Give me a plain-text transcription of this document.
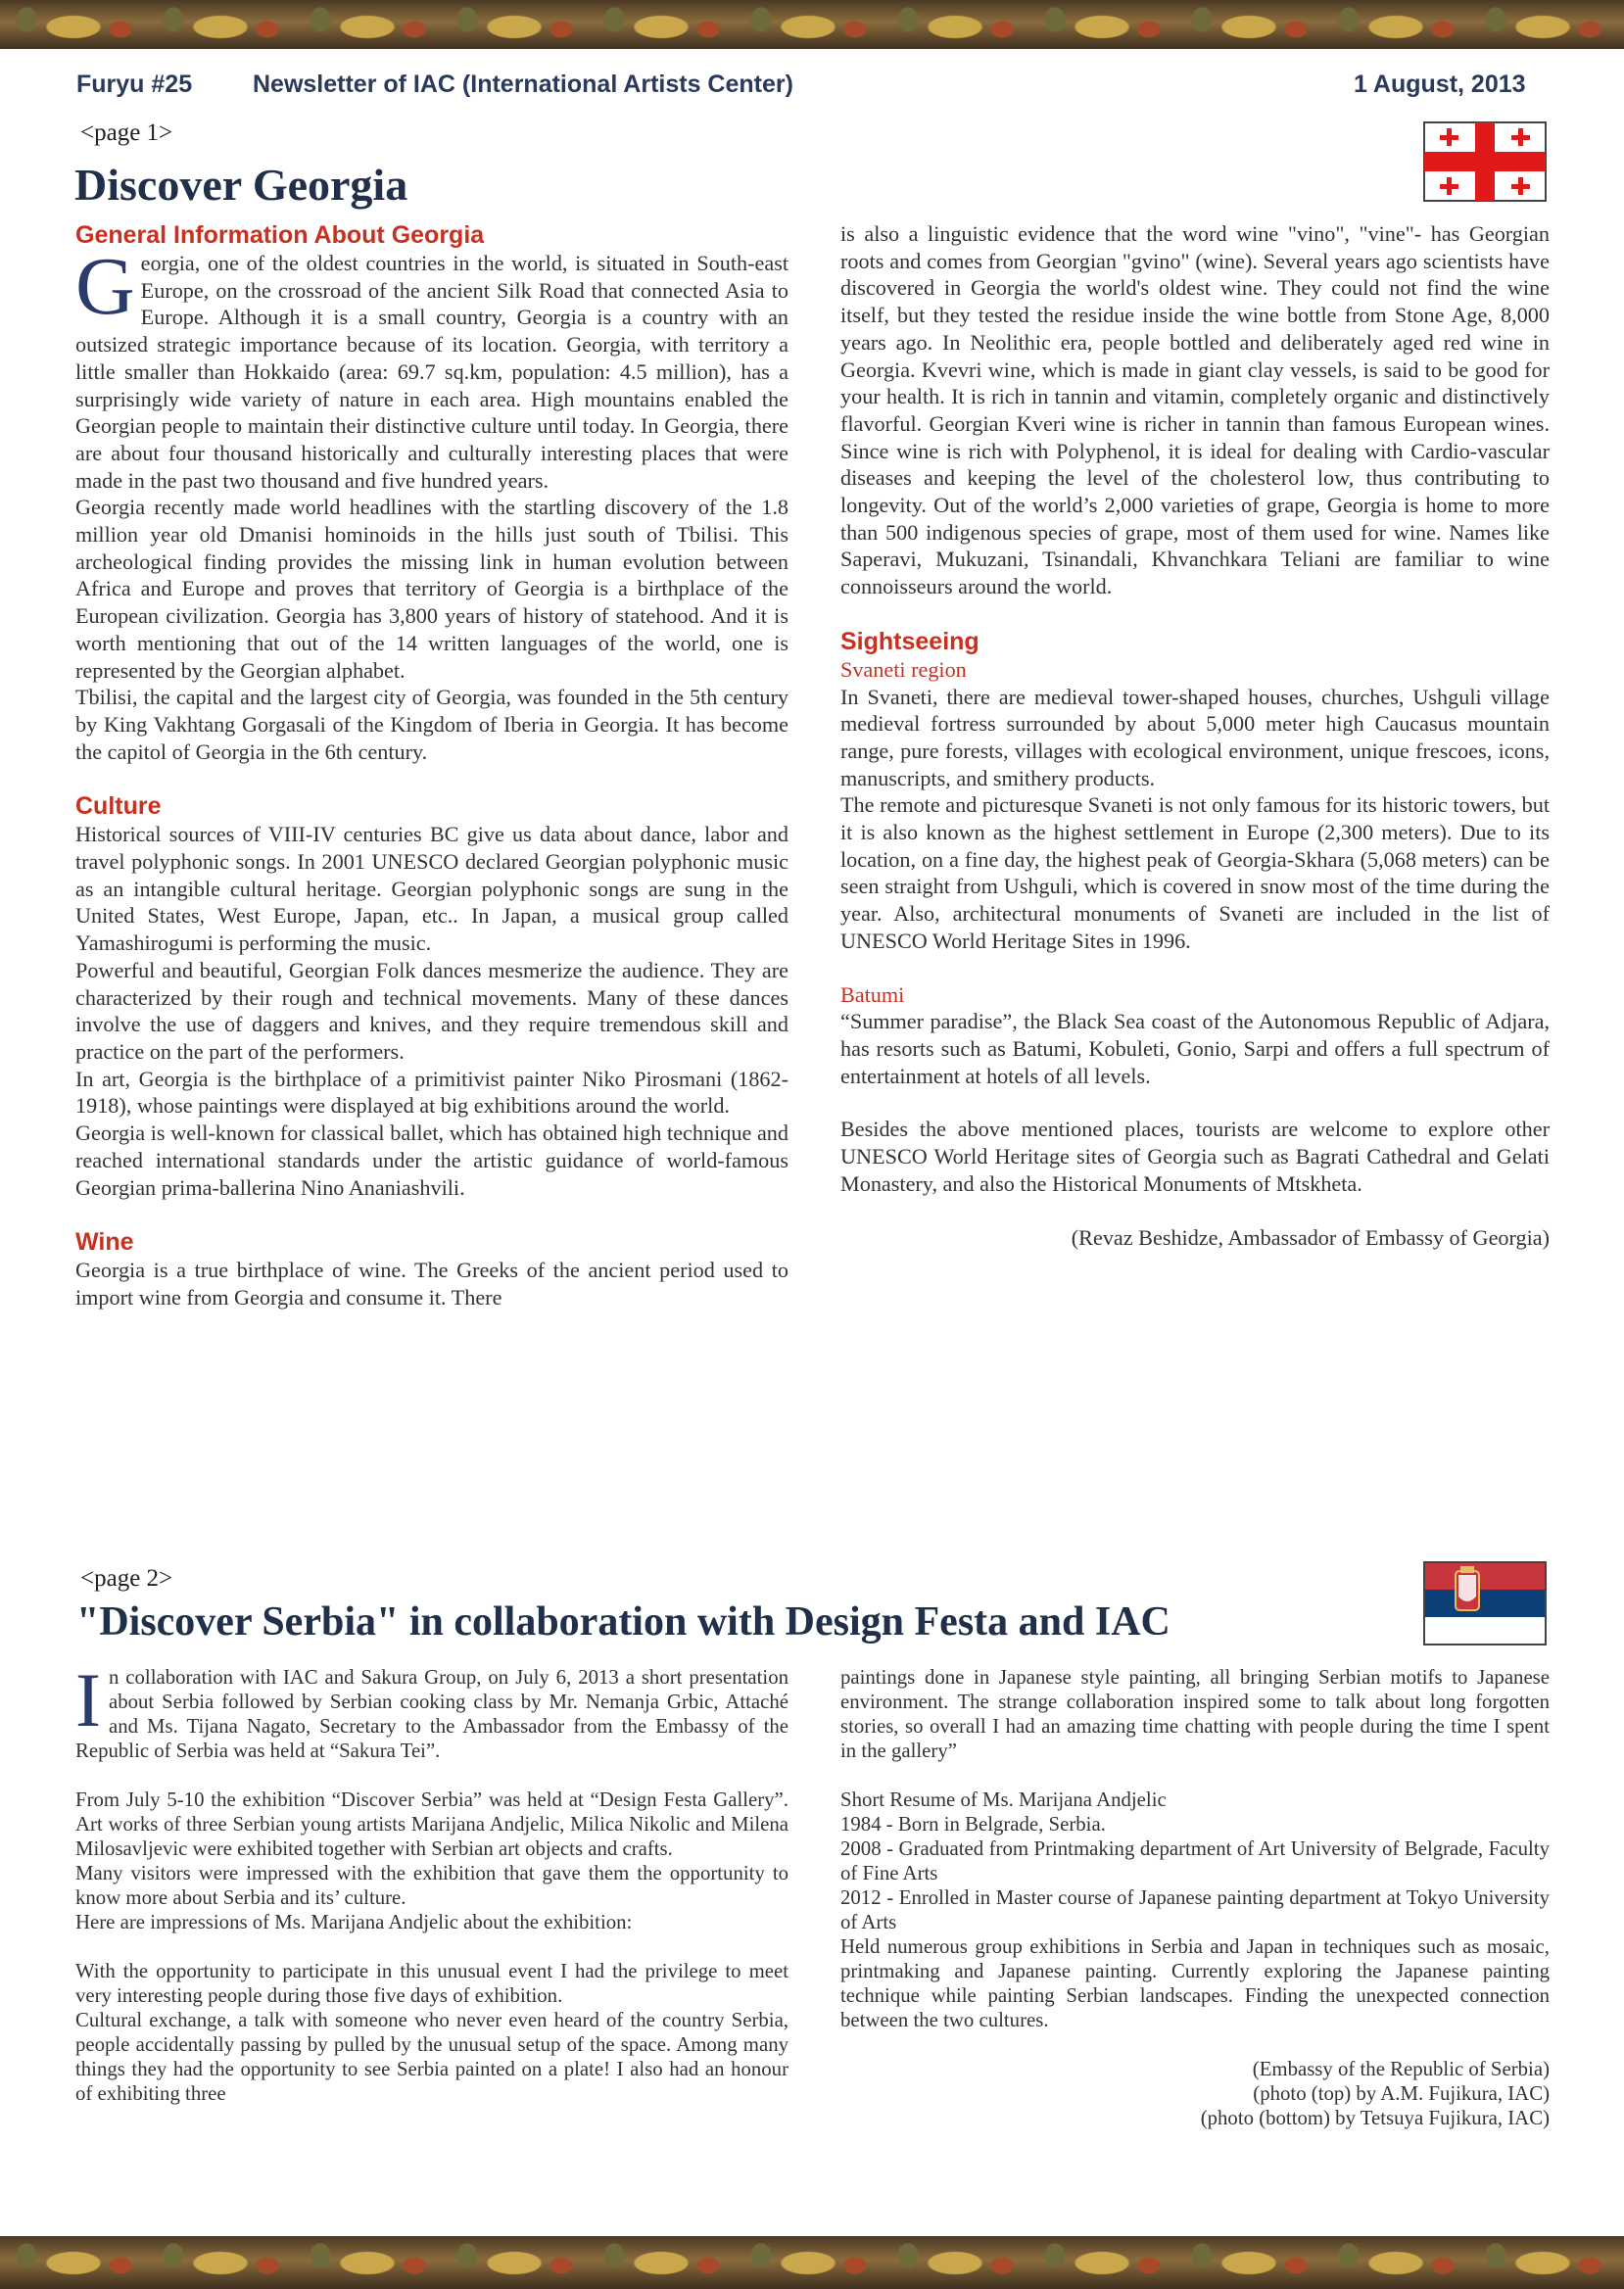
Furyu #25 Newsletter of IAC (International Artists Center)	1 August, 2013
<page 1>
Discover Georgia
General Information About Georgia

Georgia, one of the oldest countries in the world, is situated in South-east Europe, on the crossroad of the ancient Silk Road that connected Asia to Europe. Although it is a small country, Georgia is a country with an outsized strategic importance because of its location. Georgia, with territory a little smaller than Hokkaido (area: 69.7 sq.km, population: 4.5 million), has a surprisingly wide variety of nature in each area. High mountains enabled the Georgian people to maintain their distinctive culture until today. In Georgia, there are about four thousand historically and culturally interesting places that were made in the past two thousand and five hundred years.

Georgia recently made world headlines with the startling discovery of the 1.8 million year old Dmanisi hominoids in the hills just south of Tbilisi. This archeological finding provides the missing link in human evolution between Africa and Europe and proves that territory of Georgia is a birthplace of the European civilization. Georgia has 3,800 years of history of statehood. And it is worth mentioning that out of the 14 written languages of the world, one is represented by the Georgian alphabet.

Tbilisi, the capital and the largest city of Georgia, was founded in the 5th century by King Vakhtang Gorgasali of the Kingdom of Iberia in Georgia. It has become the capitol of Georgia in the 6th century.

Culture

Historical sources of VIII-IV centuries BC give us data about dance, labor and travel polyphonic songs. In 2001 UNESCO declared Georgian polyphonic music as an intangible cultural heritage. Georgian polyphonic songs are sung in the United States, West Europe, Japan, etc.. In Japan, a musical group called Yamashirogumi is performing the music.

Powerful and beautiful, Georgian Folk dances mesmerize the audience. They are characterized by their rough and technical movements. Many of these dances involve the use of daggers and knives, and they require tremendous skill and practice on the part of the performers.

In art, Georgia is the birthplace of a primitivist painter Niko Pirosmani (1862-1918), whose paintings were displayed at big exhibitions around the world.

Georgia is well-known for classical ballet, which has obtained high technique and reached international standards under the artistic guidance of world-famous Georgian prima-ballerina Nino Ananiashvili.

Wine

Georgia is a true birthplace of wine. The Greeks of the ancient period used to import wine from Georgia and consume it. There

is also a linguistic evidence that the word wine "vino", "vine"- has Georgian roots and comes from Georgian "gvino" (wine). Several years ago scientists have discovered in Georgia the world's oldest wine. They could not find the wine itself, but they tested the residue inside the wine bottle from Stone Age, 8,000 years ago. In Neolithic era, people bottled and deliberately aged red wine in Georgia. Kvevri wine, which is made in giant clay vessels, is said to be good for your health. It is rich in tannin and vitamin, completely organic and distinctively flavorful. Georgian Kveri wine is richer in tannin than famous European wines. Since wine is rich with Polyphenol, it is ideal for dealing with Cardio-vascular diseases and keeping the level of the cholesterol low, thus contributing to longevity. Out of the world’s 2,000 varieties of grape, Georgia is home to more than 500 indigenous species of grape, most of them used for wine. Names like Saperavi, Mukuzani, Tsinandali, Khvanchkara Teliani are familiar to wine connoisseurs around the world.

Sightseeing

Svaneti region

In Svaneti, there are medieval tower-shaped houses, churches, Ushguli village medieval fortress surrounded by about 5,000 meter high Caucasus mountain range, pure forests, villages with ecological environment, unique frescoes, icons, manuscripts, and smithery products.

The remote and picturesque Svaneti is not only famous for its historic towers, but it is also known as the highest settlement in Europe (2,300 meters). Due to its location, on a fine day, the highest peak of Georgia-Skhara (5,068 meters) can be seen straight from Ushguli, which is covered in snow most of the time during the year. Also, architectural monuments of Svaneti are included in the list of UNESCO World Heritage Sites in 1996.

Batumi

“Summer paradise”, the Black Sea coast of the Autonomous Republic of Adjara, has resorts such as Batumi, Kobuleti, Gonio, Sarpi and offers a full spectrum of entertainment at hotels of all levels.

Besides the above mentioned places, tourists are welcome to explore other UNESCO World Heritage sites of Georgia such as Bagrati Cathedral and Gelati Monastery, and also the Historical Monuments of Mtskheta.

(Revaz Beshidze, Ambassador of Embassy of Georgia)

<page 2>
"Discover Serbia" in collaboration with Design Festa and IAC

In collaboration with IAC and Sakura Group, on July 6, 2013 a short presentation about Serbia followed by Serbian cooking class by Mr. Nemanja Grbic, Attaché and Ms. Tijana Nagato, Secretary to the Ambassador from the Embassy of the Republic of Serbia was held at “Sakura Tei”.

From July 5-10 the exhibition “Discover Serbia” was held at “Design Festa Gallery”. Art works of three Serbian young artists Marijana Andjelic, Milica Nikolic and Milena Milosavljevic were exhibited together with Serbian art objects and crafts.

Many visitors were impressed with the exhibition that gave them the opportunity to know more about Serbia and its’ culture.

Here are impressions of Ms. Marijana Andjelic about the exhibition:

With the opportunity to participate in this unusual event I had the privilege to meet very interesting people during those five days of exhibition.

Cultural exchange, a talk with someone who never even heard of the country Serbia, people accidentally passing by pulled by the unusual setup of the space. Among many things they had the opportunity to see Serbia painted on a plate! I also had an honour of exhibiting three

paintings done in Japanese style painting, all bringing Serbian motifs to Japanese environment. The strange collaboration inspired some to talk about long forgotten stories, so overall I had an amazing time chatting with people during the time I spent in the gallery”

Short Resume of Ms. Marijana Andjelic

1984 - Born in Belgrade, Serbia.

2008 - Graduated from Printmaking department of Art University of Belgrade, Faculty of Fine Arts

2012 - Enrolled in Master course of Japanese painting department at Tokyo University of Arts

Held numerous group exhibitions in Serbia and Japan in techniques such as mosaic, printmaking and Japanese painting. Currently exploring the Japanese painting technique while painting Serbian landscapes. Finding the unexpected connection between the two cultures.

(Embassy of the Republic of Serbia)

(photo (top) by A.M. Fujikura, IAC)

(photo (bottom) by Tetsuya Fujikura, IAC)
